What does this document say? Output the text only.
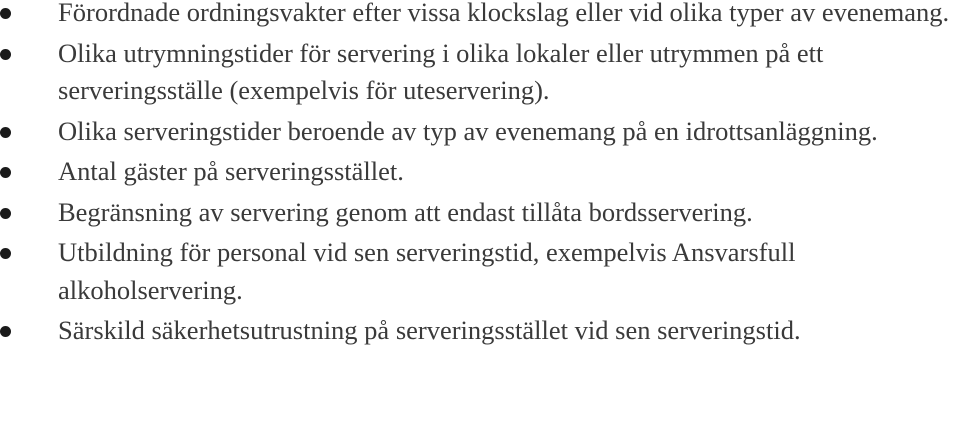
Förordnade ordningsvakter efter vissa klockslag eller vid olika typer av evenemang.
Olika utrymningstider för servering i olika lokaler eller utrymmen på ett serveringsställe (exempelvis för uteservering).
Olika serveringstider beroende av typ av evenemang på en idrottsanläggning.
Antal gäster på serveringsstället.
Begränsning av servering genom att endast tillåta bordsservering.
Utbildning för personal vid sen serveringstid, exempelvis Ansvarsfull alkoholservering.
Särskild säkerhetsutrustning på serveringsstället vid sen serveringstid.
